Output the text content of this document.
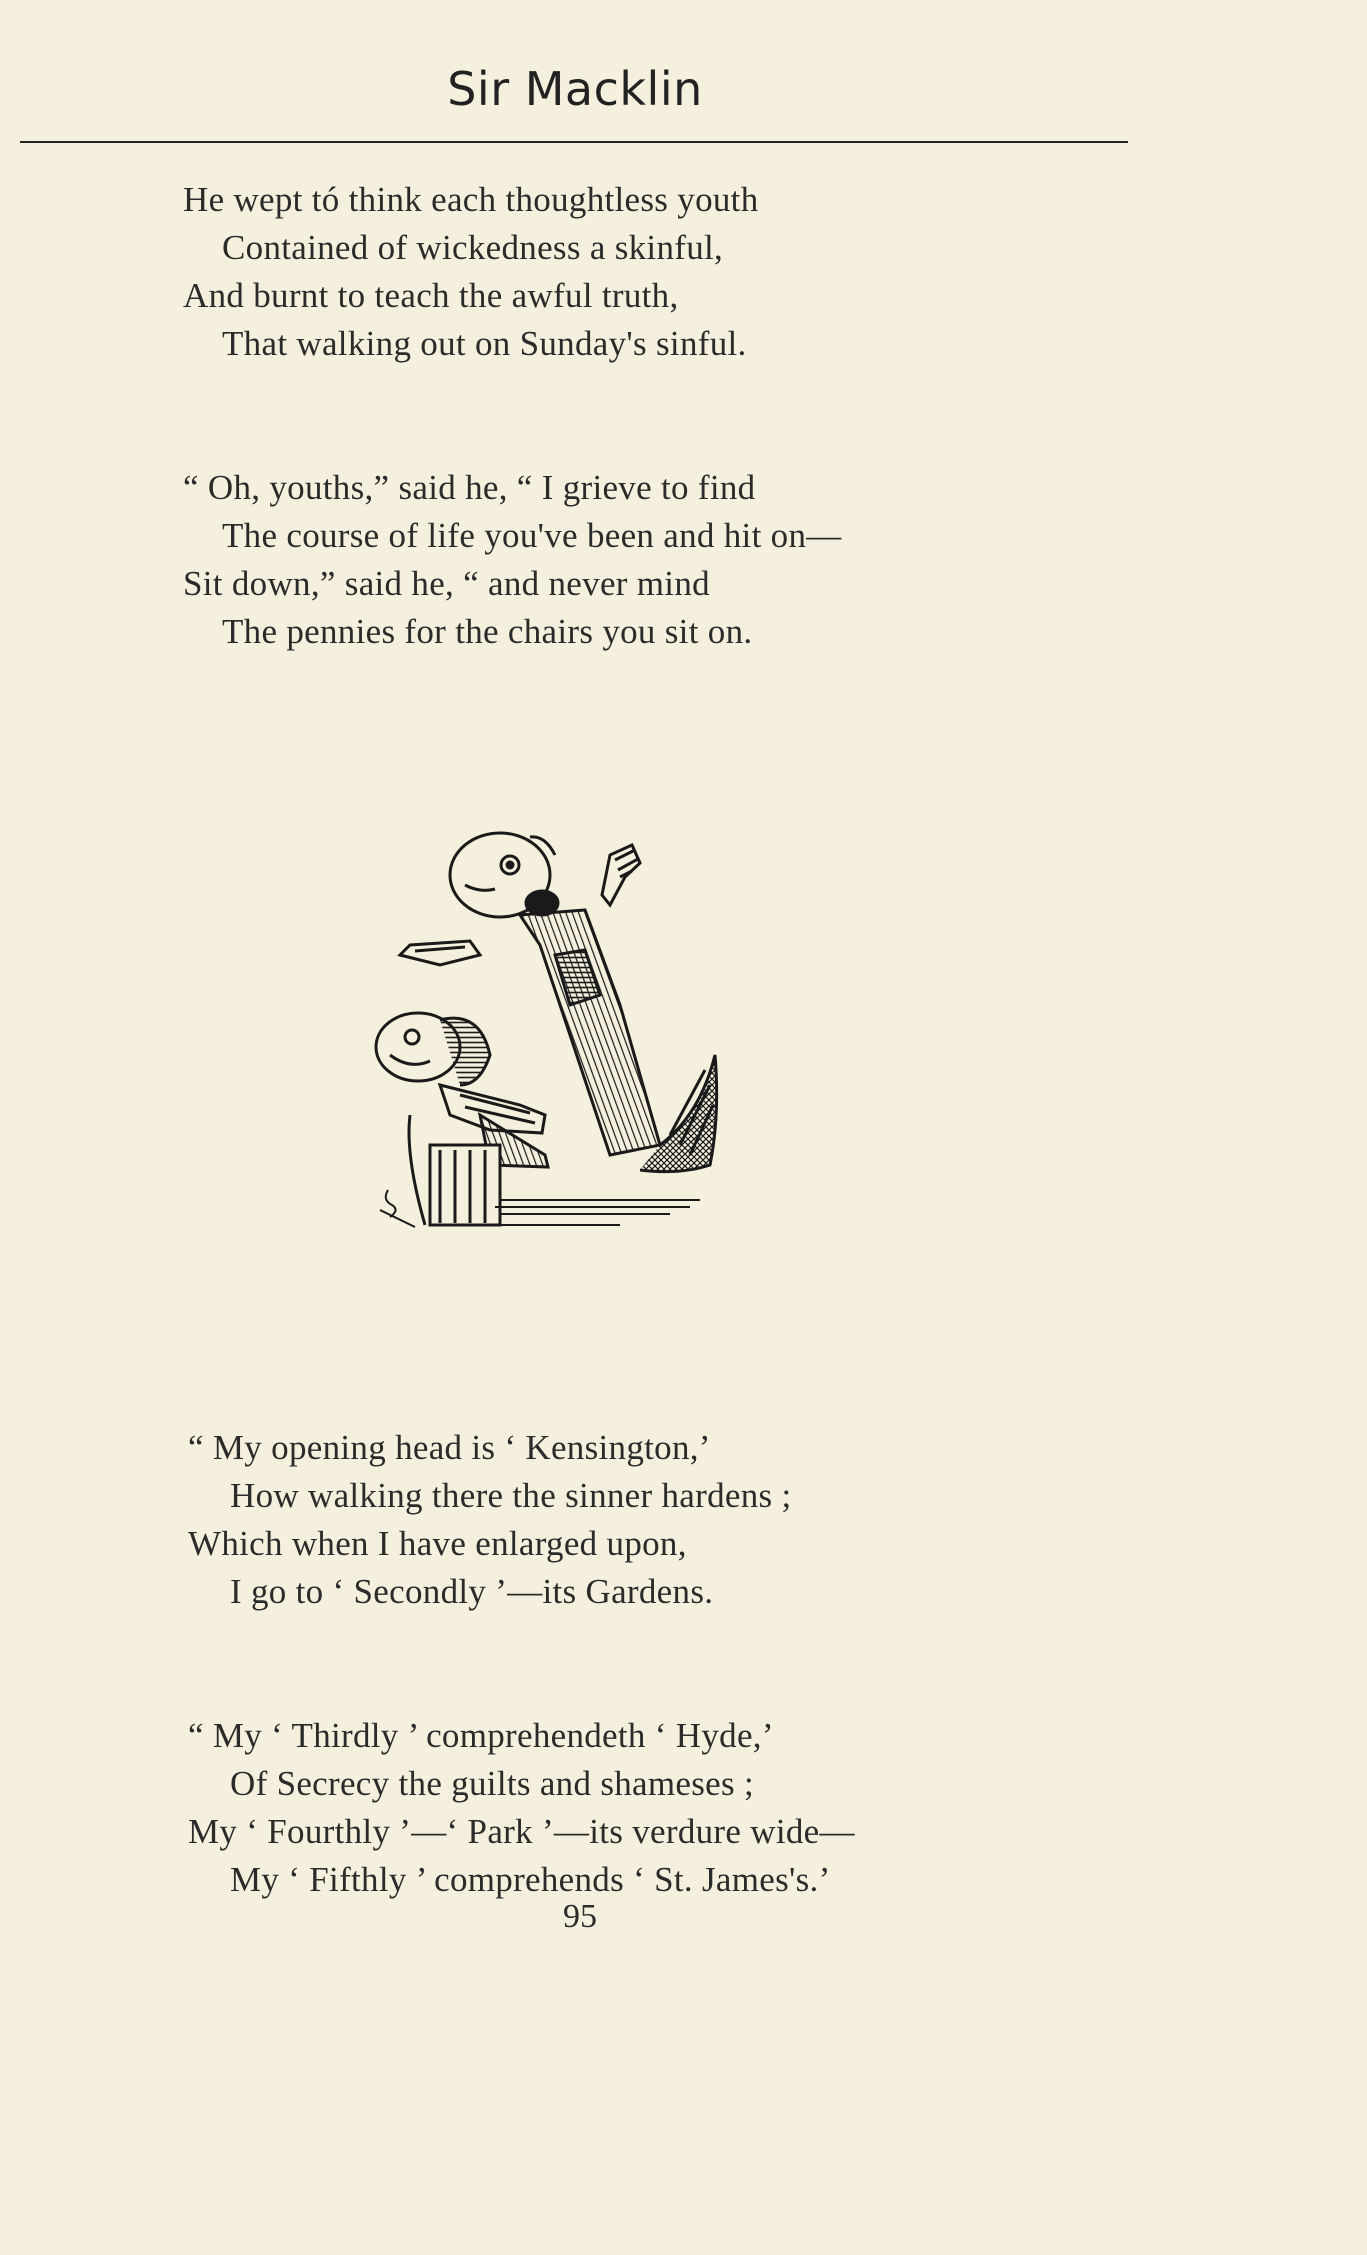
Sir Macklin
He wept tó think each thoughtless youth
Contained of wickedness a skinful,
And burnt to teach the awful truth,
That walking out on Sunday's sinful.
“ Oh, youths,” said he, “ I grieve to find
The course of life you've been and hit on—
Sit down,” said he, “ and never mind
The pennies for the chairs you sit on.
“ My opening head is ‘ Kensington,’
How walking there the sinner hardens ;
Which when I have enlarged upon,
I go to ‘ Secondly ’—its Gardens.
“ My ‘ Thirdly ’ comprehendeth ‘ Hyde,’
Of Secrecy the guilts and shameses ;
My ‘ Fourthly ’—‘ Park ’—its verdure wide—
My ‘ Fifthly ’ comprehends ‘ St. James's.’
95
